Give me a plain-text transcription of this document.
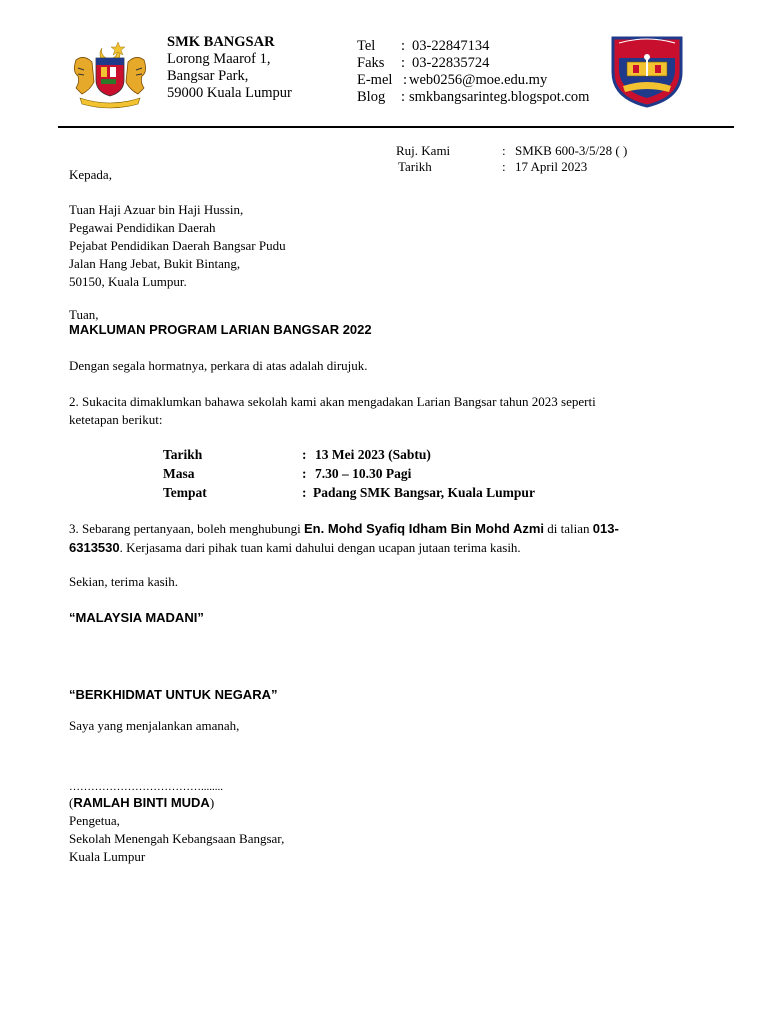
SMK BANGSAR
Lorong Maarof 1,
Bangsar Park,
59000 Kuala Lumpur
Tel : 03-22847134
Faks : 03-22835724
E-mel : web0256@moe.edu.my
Blog : smkbangsarinteg.blogspot.com
Ruj. Kami	: SMKB 600-3/5/28 ( )
Tarikh	: 17 April 2023
Kepada,
Tuan Haji Azuar bin Haji Hussin,
Pegawai Pendidikan Daerah
Pejabat Pendidikan Daerah Bangsar Pudu
Jalan Hang Jebat, Bukit Bintang,
50150, Kuala Lumpur.
Tuan,
MAKLUMAN PROGRAM LARIAN BANGSAR 2022
Dengan segala hormatnya, perkara di atas adalah dirujuk.
2. Sukacita dimaklumkan bahawa sekolah kami akan mengadakan Larian Bangsar tahun 2023 seperti
ketetapan berikut:
Tarikh	: 13 Mei 2023 (Sabtu)
Masa	: 7.30 – 10.30 Pagi
Tempat	: Padang SMK Bangsar, Kuala Lumpur
3. Sebarang pertanyaan, boleh menghubungi En. Mohd Syafiq Idham Bin Mohd Azmi di talian 013-
6313530. Kerjasama dari pihak tuan kami dahului dengan ucapan jutaan terima kasih.
Sekian, terima kasih.
“MALAYSIA MADANI”
“BERKHIDMAT UNTUK NEGARA”
Saya yang menjalankan amanah,
………………………………........
(RAMLAH BINTI MUDA)
Pengetua,
Sekolah Menengah Kebangsaan Bangsar,
Kuala Lumpur
